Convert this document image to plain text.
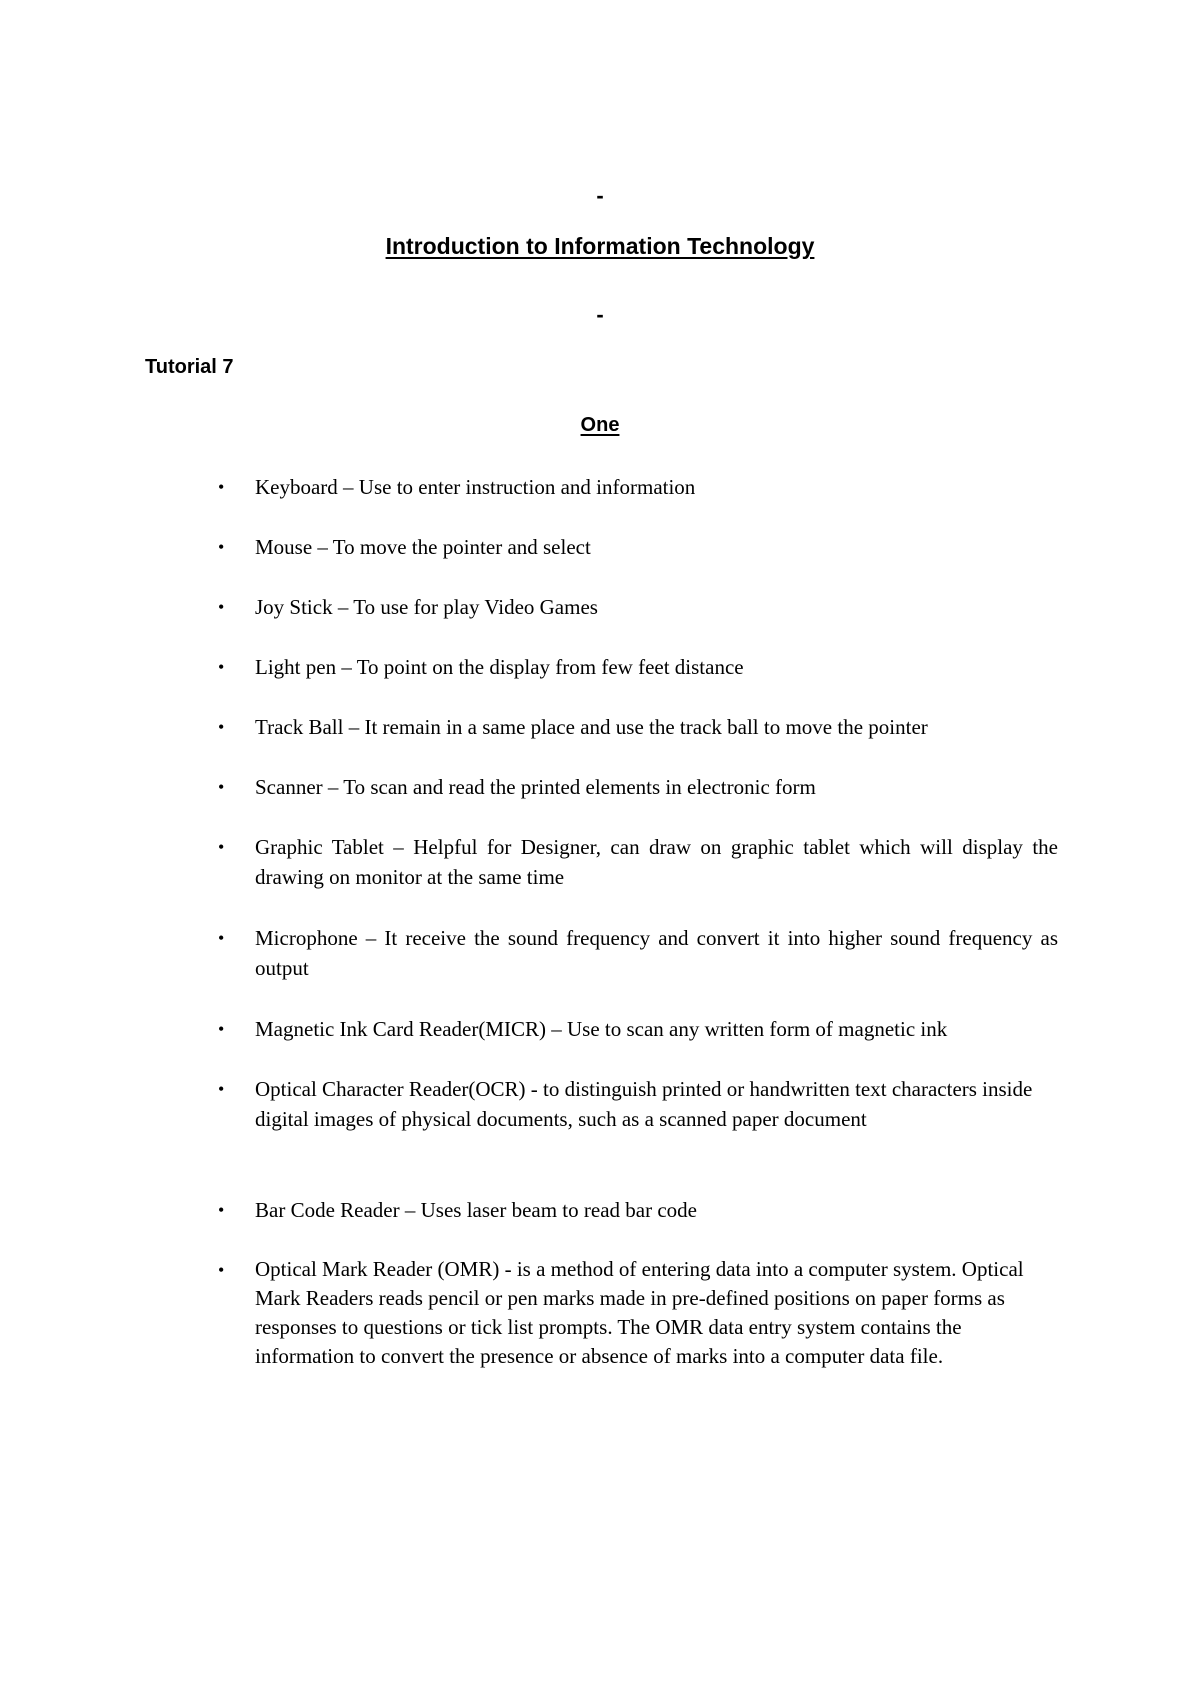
-
Introduction to Information Technology
-
Tutorial 7
One
•	Keyboard – Use to enter instruction and information
•	Mouse – To move the pointer and select
•	Joy Stick – To use for play Video Games
•	Light pen – To point on the display from few feet distance
•	Track Ball – It remain in a same place and use the track ball to move the pointer
•	Scanner – To scan and read the printed elements in electronic form
•	Graphic Tablet – Helpful for Designer, can draw on graphic tablet which will display the drawing on monitor at the same time
•	Microphone – It receive the sound frequency and convert it into higher sound frequency as output
•	Magnetic Ink Card Reader(MICR) – Use to scan any written form of magnetic ink
•	Optical Character Reader(OCR) - to distinguish printed or handwritten text characters inside digital images of physical documents, such as a scanned paper document
•	Bar Code Reader – Uses laser beam to read bar code
•	Optical Mark Reader (OMR) - is a method of entering data into a computer system. Optical Mark Readers reads pencil or pen marks made in pre-defined positions on paper forms as responses to questions or tick list prompts. The OMR data entry system contains the information to convert the presence or absence of marks into a computer data file.
